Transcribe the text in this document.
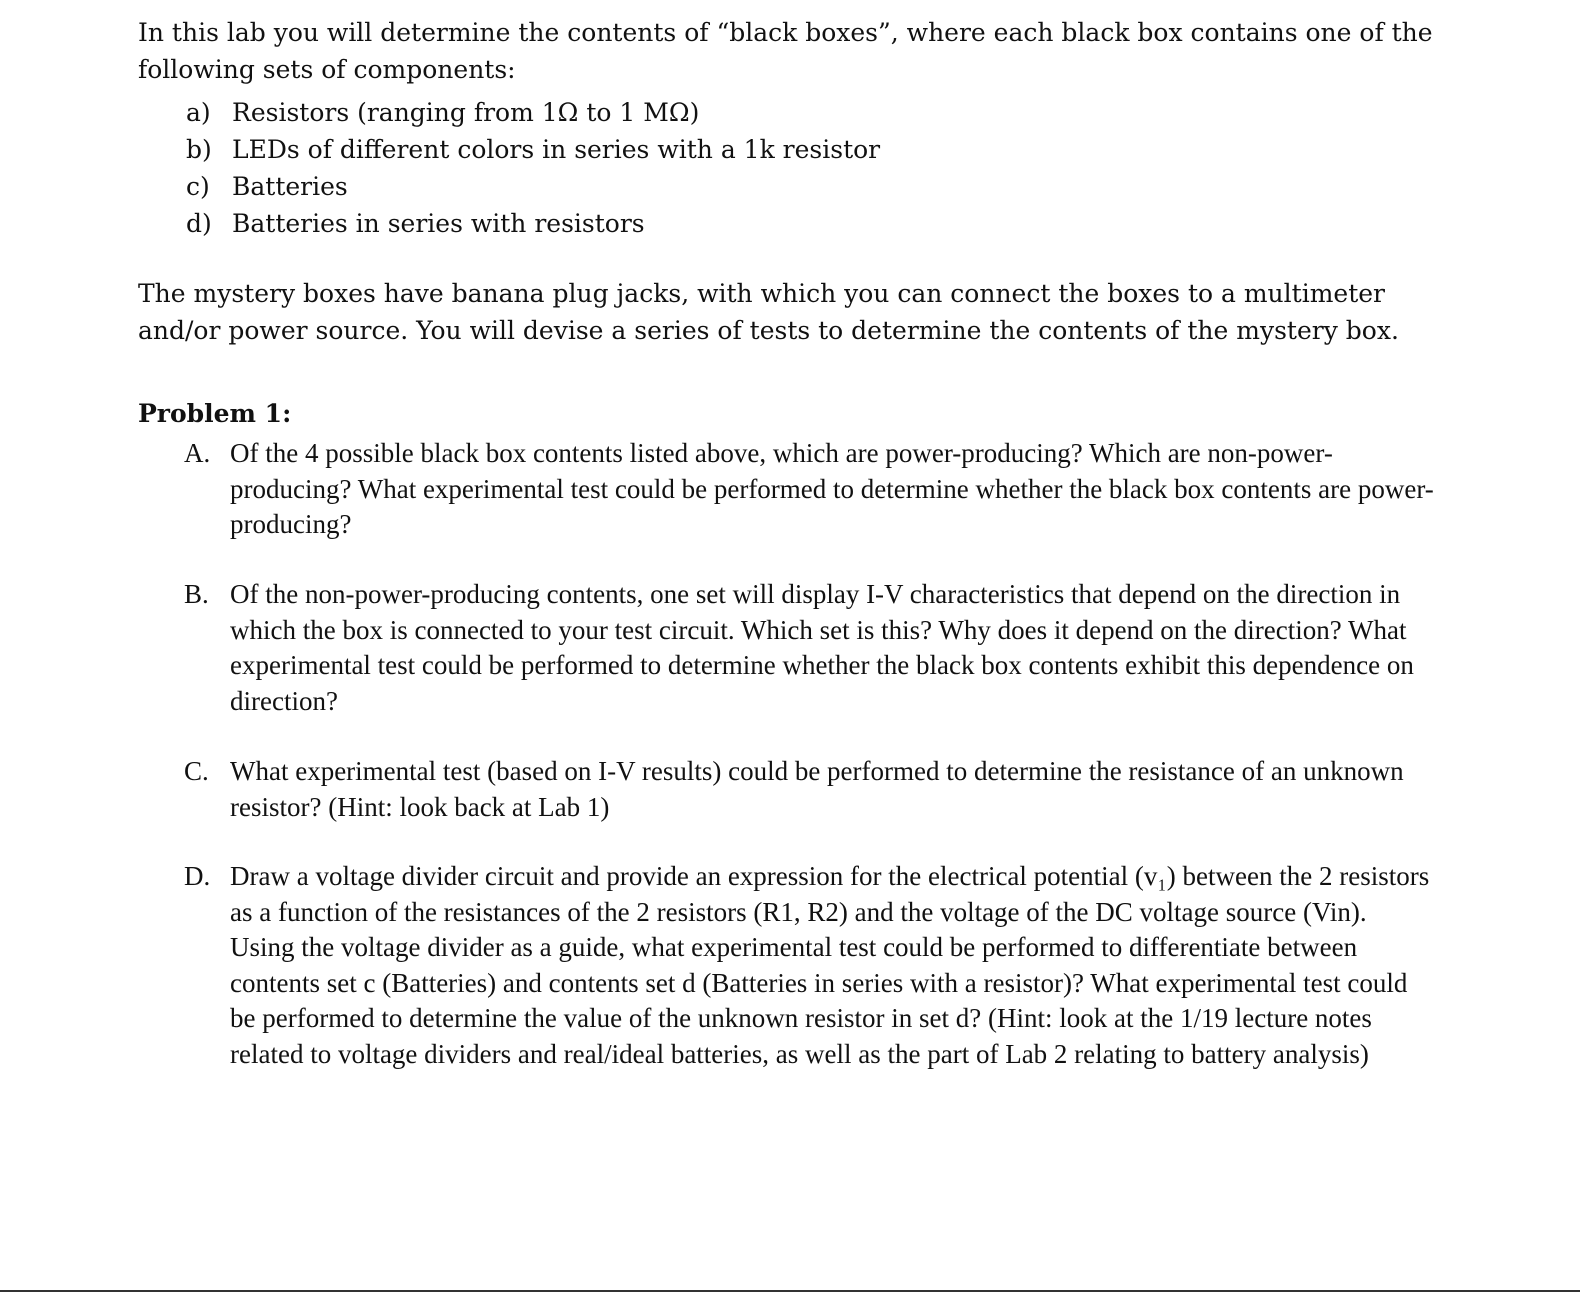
In this lab you will determine the contents of “black boxes”, where each black box contains one of the following sets of components:

a) Resistors (ranging from 1Ω to 1 MΩ)
b) LEDs of different colors in series with a 1k resistor
c) Batteries
d) Batteries in series with resistors

The mystery boxes have banana plug jacks, with which you can connect the boxes to a multimeter and/or power source. You will devise a series of tests to determine the contents of the mystery box.

Problem 1:
A. Of the 4 possible black box contents listed above, which are power-producing? Which are non-power-producing? What experimental test could be performed to determine whether the black box contents are power-producing?
B. Of the non-power-producing contents, one set will display I-V characteristics that depend on the direction in which the box is connected to your test circuit. Which set is this? Why does it depend on the direction? What experimental test could be performed to determine whether the black box contents exhibit this dependence on direction?
C. What experimental test (based on I-V results) could be performed to determine the resistance of an unknown resistor? (Hint: look back at Lab 1)
D. Draw a voltage divider circuit and provide an expression for the electrical potential (v₁) between the 2 resistors as a function of the resistances of the 2 resistors (R1, R2) and the voltage of the DC voltage source (Vin). Using the voltage divider as a guide, what experimental test could be performed to differentiate between contents set c (Batteries) and contents set d (Batteries in series with a resistor)? What experimental test could be performed to determine the value of the unknown resistor in set d? (Hint: look at the 1/19 lecture notes related to voltage dividers and real/ideal batteries, as well as the part of Lab 2 relating to battery analysis)
